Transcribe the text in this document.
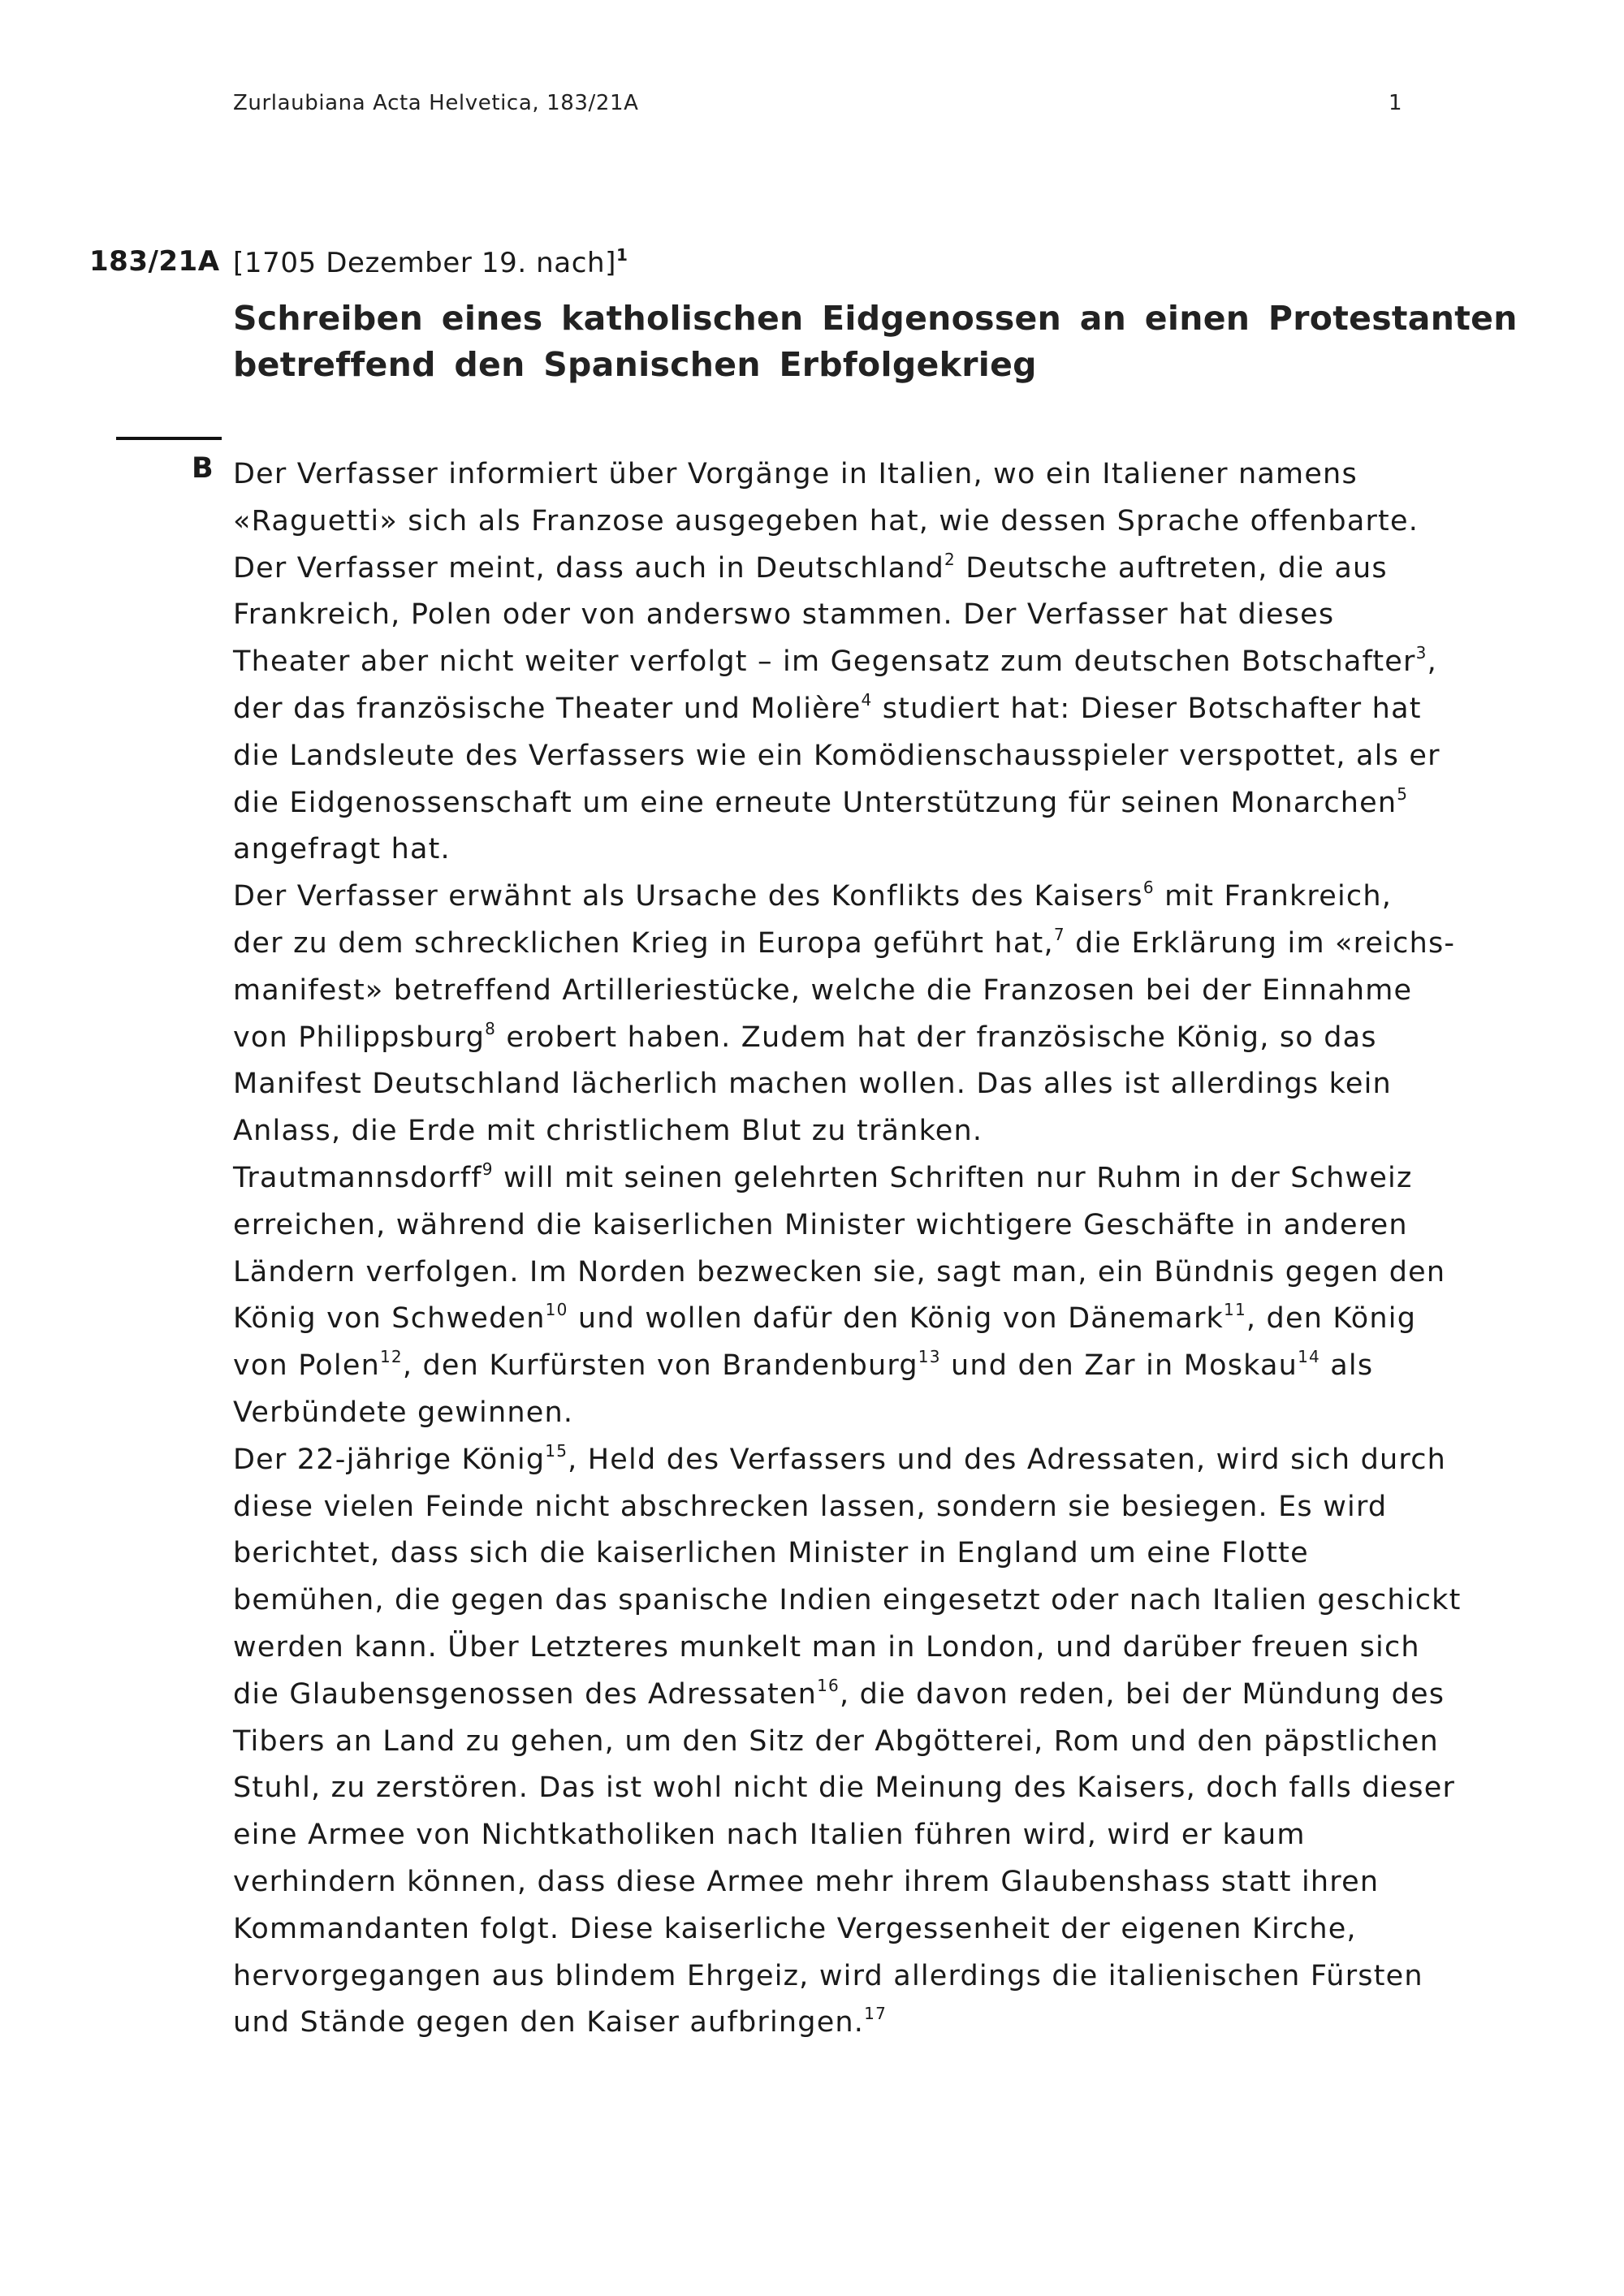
Zurlaubiana Acta Helvetica, 183/21A	1
183/21A [1705 Dezember 19. nach]$^1$
Schreiben eines katholischen Eidgenossen an einen Protestanten
betreffend den Spanischen Erbfolgekrieg
B Der Verfasser informiert über Vorgänge in Italien, wo ein Italiener namens
«Raguetti» sich als Franzose ausgegeben hat, wie dessen Sprache offenbarte.
Der Verfasser meint, dass auch in Deutschland$^2$ Deutsche auftreten, die aus
Frankreich, Polen oder von anderswo stammen. Der Verfasser hat dieses
Theater aber nicht weiter verfolgt – im Gegensatz zum deutschen Botschafter$^3$,
der das französische Theater und Molière$^4$ studiert hat: Dieser Botschafter hat
die Landsleute des Verfassers wie ein Komödienschausspieler verspottet, als er
die Eidgenossenschaft um eine erneute Unterstützung für seinen Monarchen$^5$
angefragt hat.
Der Verfasser erwähnt als Ursache des Konflikts des Kaisers$^6$ mit Frankreich,
der zu dem schrecklichen Krieg in Europa geführt hat,$^7$ die Erklärung im «reichs-
manifest» betreffend Artilleriestücke, welche die Franzosen bei der Einnahme
von Philippsburg$^8$ erobert haben. Zudem hat der französische König, so das
Manifest Deutschland lächerlich machen wollen. Das alles ist allerdings kein
Anlass, die Erde mit christlichem Blut zu tränken.
Trautmannsdorff$^9$ will mit seinen gelehrten Schriften nur Ruhm in der Schweiz
erreichen, während die kaiserlichen Minister wichtigere Geschäfte in anderen
Ländern verfolgen. Im Norden bezwecken sie, sagt man, ein Bündnis gegen den
König von Schweden$^{10}$ und wollen dafür den König von Dänemark$^{11}$, den König
von Polen$^{12}$, den Kurfürsten von Brandenburg$^{13}$ und den Zar in Moskau$^{14}$ als
Verbündete gewinnen.
Der 22-jährige König$^{15}$, Held des Verfassers und des Adressaten, wird sich durch
diese vielen Feinde nicht abschrecken lassen, sondern sie besiegen. Es wird
berichtet, dass sich die kaiserlichen Minister in England um eine Flotte
bemühen, die gegen das spanische Indien eingesetzt oder nach Italien geschickt
werden kann. Über Letzteres munkelt man in London, und darüber freuen sich
die Glaubensgenossen des Adressaten$^{16}$, die davon reden, bei der Mündung des
Tibers an Land zu gehen, um den Sitz der Abgötterei, Rom und den päpstlichen
Stuhl, zu zerstören. Das ist wohl nicht die Meinung des Kaisers, doch falls dieser
eine Armee von Nichtkatholiken nach Italien führen wird, wird er kaum
verhindern können, dass diese Armee mehr ihrem Glaubenshass statt ihren
Kommandanten folgt. Diese kaiserliche Vergessenheit der eigenen Kirche,
hervorgegangen aus blindem Ehrgeiz, wird allerdings die italienischen Fürsten
und Stände gegen den Kaiser aufbringen.$^{17}$
